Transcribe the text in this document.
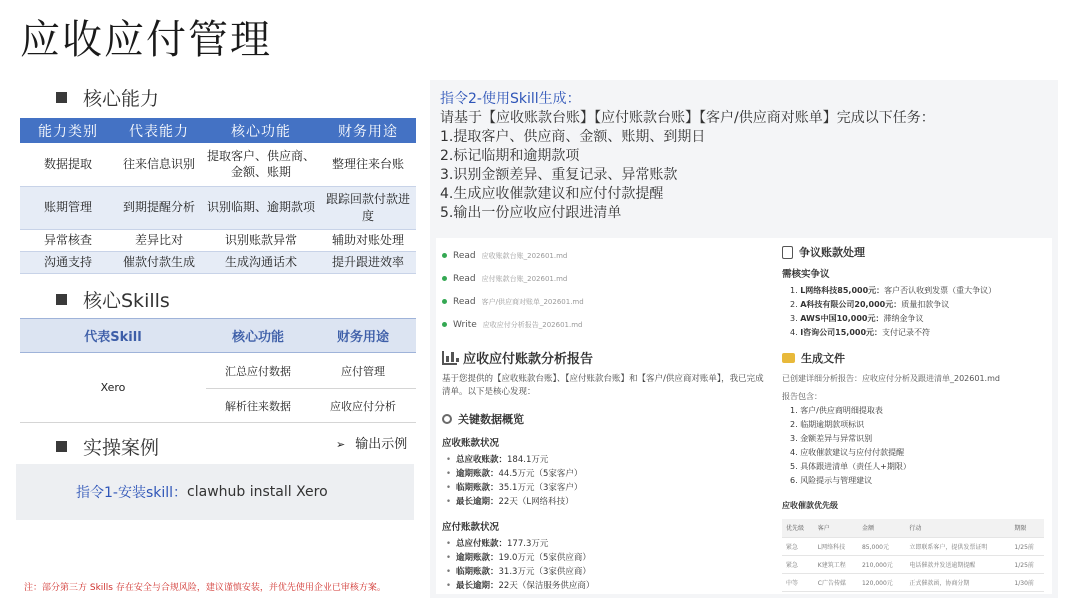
应收应付管理
核心能力
能力类别	代表能力	核心功能	财务用途
数据提取	往来信息识别	提取客户、供应商、金额、账期	整理往来台账
账期管理	到期提醒分析	识别临期、逾期款项	跟踪回款付款进度
异常核查	差异比对	识别账款异常	辅助对账处理
沟通支持	催款付款生成	生成沟通话术	提升跟进效率
核心Skills
代表Skill	核心功能	财务用途
Xero	汇总应付数据	应付管理
	解析往来数据	应收应付分析
实操案例	➢ 输出示例
指令1-安装skill： clawhub install Xero
注：部分第三方 Skills 存在安全与合规风险，建议谨慎安装，并优先使用企业已审核方案。
指令2-使用Skill生成：
请基于【应收账款台账】【应付账款台账】【客户/供应商对账单】完成以下任务：
1.提取客户、供应商、金额、账期、到期日
2.标记临期和逾期款项
3.识别金额差异、重复记录、异常账款
4.生成应收催款建议和应付付款提醒
5.输出一份应收应付跟进清单
Read 应收账款台账_202601.md
Read 应付账款台账_202601.md
Read 客户/供应商对账单_202601.md
Write 应收应付分析报告_202601.md
应收应付账款分析报告
基于您提供的【应收账款台账】、【应付账款台账】和【客户/供应商对账单】，我已完成清单。以下是核心发现：
关键数据概览
应收账款状况
• 总应收账款：184.1万元
• 逾期账款：44.5万元（5家客户）
• 临期账款：35.1万元（3家客户）
• 最长逾期：22天（L网络科技）
应付账款状况
• 总应付账款：177.3万元
• 逾期账款：19.0万元（5家供应商）
• 临期账款：31.3万元（3家供应商）
• 最长逾期：22天（保洁服务供应商）
争议账款处理
需核实争议
1. L网络科技85,000元：客户否认收到发票（重大争议）
2. A科技有限公司20,000元：质量扣款争议
3. AWS中国10,000元：滞纳金争议
4. I咨询公司15,000元：支付记录不符
生成文件
已创建详细分析报告：应收应付分析及跟进清单_202601.md
报告包含：
1. 客户/供应商明细提取表
2. 临期逾期款项标识
3. 金额差异与异常识别
4. 应收催款建议与应付付款提醒
5. 具体跟进清单（责任人+期限）
6. 风险提示与管理建议
应收催款优先级
优先级	客户	金额	行动	期限
紧急	L网络科技	85,000元	立即联系客户，提供发票证明	1/25前
紧急	K建筑工程	210,000元	电话催款并发送逾期提醒	1/25前
中等	C广告传媒	120,000元	正式催款函，协商分期	1/30前
